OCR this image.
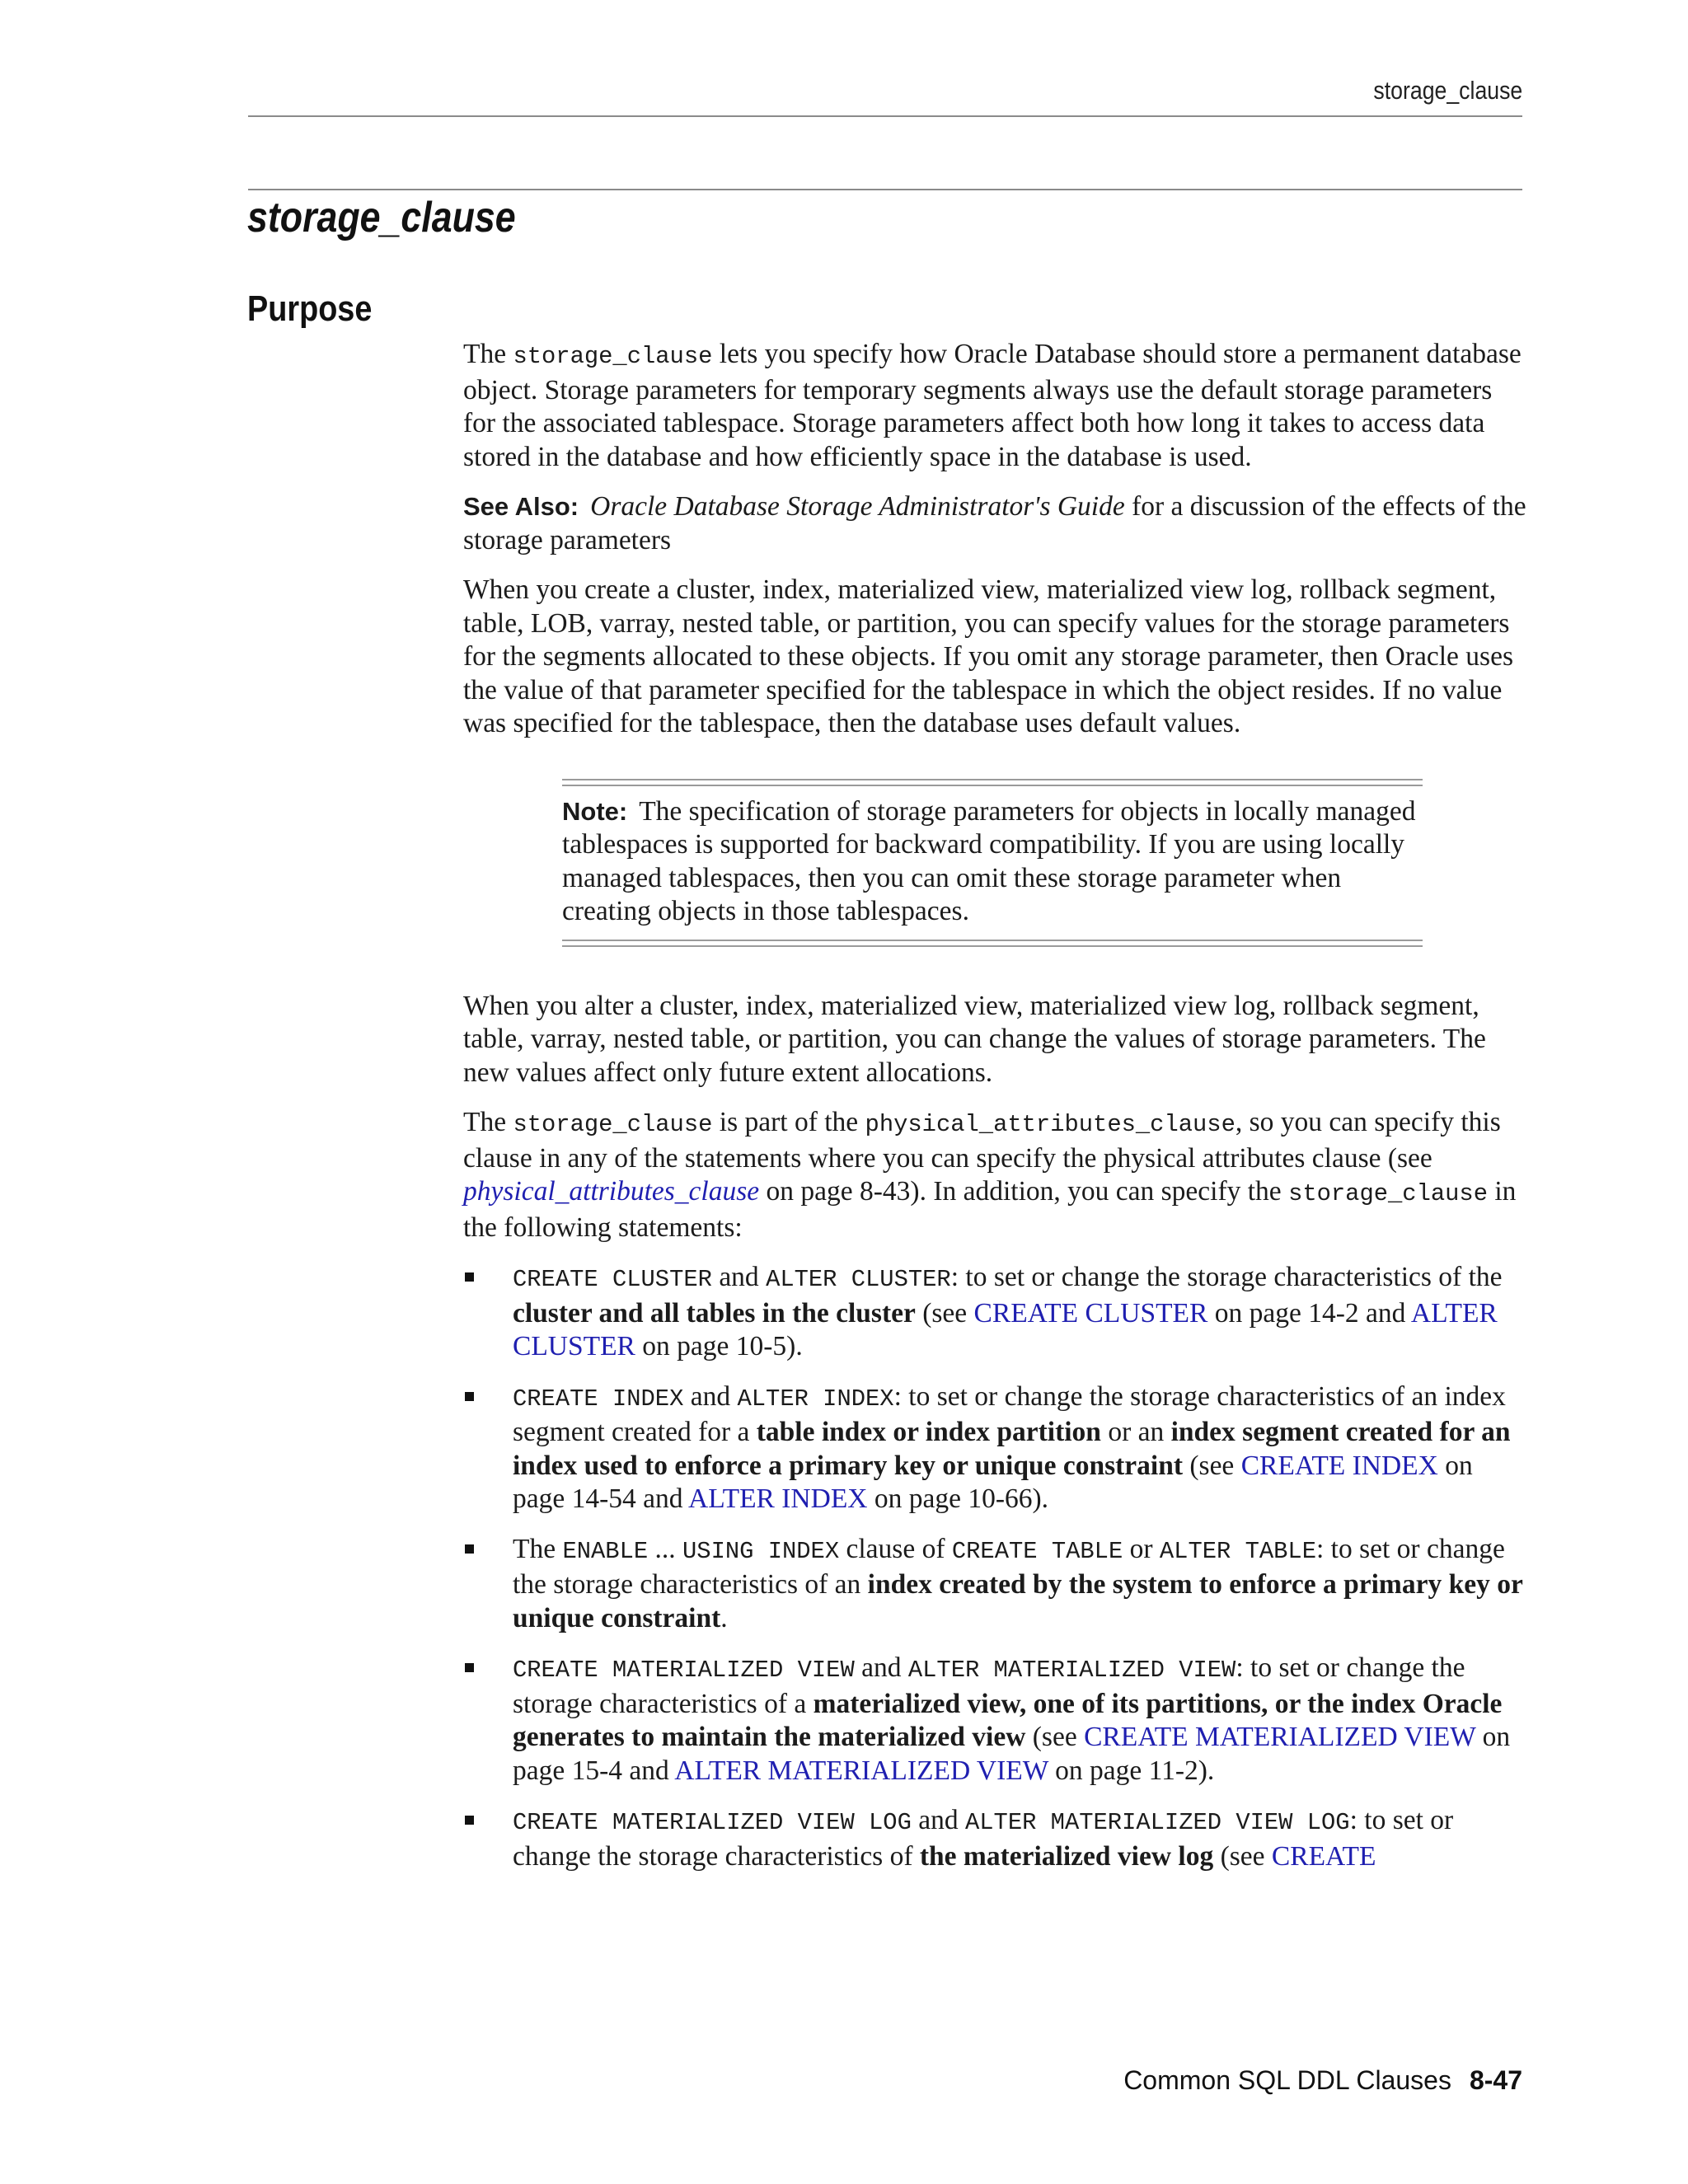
storage_clause
storage_clause
Purpose

The storage_clause lets you specify how Oracle Database should store a permanent database object. Storage parameters for temporary segments always use the default storage parameters for the associated tablespace. Storage parameters affect both how long it takes to access data stored in the database and how efficiently space in the database is used.

See Also: Oracle Database Storage Administrator's Guide for a discussion of the effects of the storage parameters

When you create a cluster, index, materialized view, materialized view log, rollback segment, table, LOB, varray, nested table, or partition, you can specify values for the storage parameters for the segments allocated to these objects. If you omit any storage parameter, then Oracle uses the value of that parameter specified for the tablespace in which the object resides. If no value was specified for the tablespace, then the database uses default values.

Note: The specification of storage parameters for objects in locally managed tablespaces is supported for backward compatibility. If you are using locally managed tablespaces, then you can omit these storage parameter when creating objects in those tablespaces.

When you alter a cluster, index, materialized view, materialized view log, rollback segment, table, varray, nested table, or partition, you can change the values of storage parameters. The new values affect only future extent allocations.

The storage_clause is part of the physical_attributes_clause, so you can specify this clause in any of the statements where you can specify the physical attributes clause (see physical_attributes_clause on page 8-43). In addition, you can specify the storage_clause in the following statements:

CREATE CLUSTER and ALTER CLUSTER: to set or change the storage characteristics of the cluster and all tables in the cluster (see CREATE CLUSTER on page 14-2 and ALTER CLUSTER on page 10-5).
CREATE INDEX and ALTER INDEX: to set or change the storage characteristics of an index segment created for a table index or index partition or an index segment created for an index used to enforce a primary key or unique constraint (see CREATE INDEX on page 14-54 and ALTER INDEX on page 10-66).
The ENABLE ... USING INDEX clause of CREATE TABLE or ALTER TABLE: to set or change the storage characteristics of an index created by the system to enforce a primary key or unique constraint.
CREATE MATERIALIZED VIEW and ALTER MATERIALIZED VIEW: to set or change the storage characteristics of a materialized view, one of its partitions, or the index Oracle generates to maintain the materialized view (see CREATE MATERIALIZED VIEW on page 15-4 and ALTER MATERIALIZED VIEW on page 11-2).
CREATE MATERIALIZED VIEW LOG and ALTER MATERIALIZED VIEW LOG: to set or change the storage characteristics of the materialized view log (see CREATE
Common SQL DDL Clauses 8-47
